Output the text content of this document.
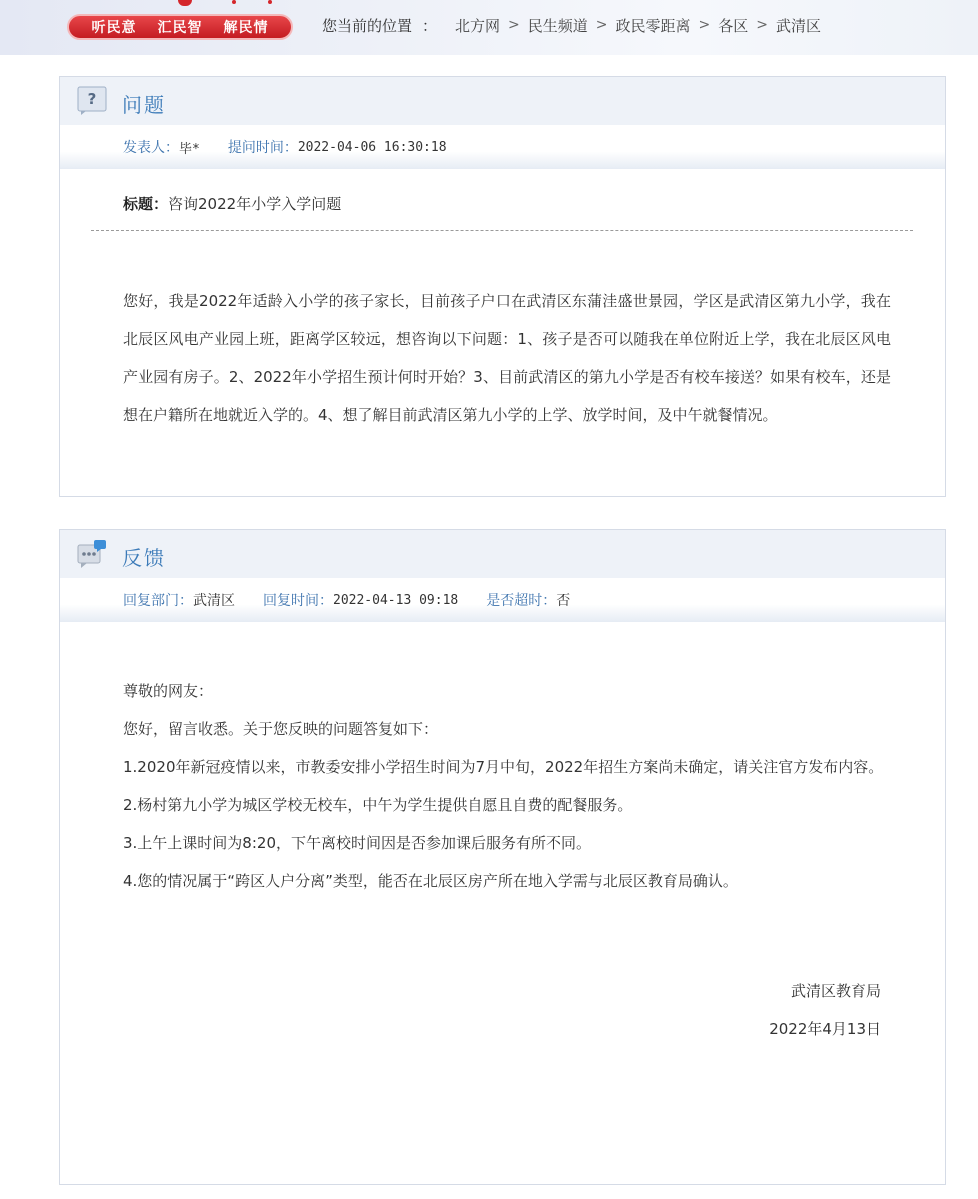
听民意 汇民智 解民情	您当前的位置 ： 北方网 > 民生频道 > 政民零距离 > 各区 > 武清区
? 问题
发表人： 毕* 提问时间： 2022-04-06 16:30:18
标题：咨询2022年小学入学问题
您好，我是2022年适龄入小学的孩子家长，目前孩子户口在武清区东蒲洼盛世景园，学区是武清区第九小学，我在北辰区风电产业园上班，距离学区较远，想咨询以下问题：1、孩子是否可以随我在单位附近上学，我在北辰区风电产业园有房子。2、2022年小学招生预计何时开始？3、目前武清区的第九小学是否有校车接送？如果有校车，还是想在户籍所在地就近入学的。4、想了解目前武清区第九小学的上学、放学时间，及中午就餐情况。
反馈
回复部门： 武清区 回复时间： 2022-04-13 09:18 是否超时： 否

尊敬的网友：

您好，留言收悉。关于您反映的问题答复如下：

1.2020年新冠疫情以来，市教委安排小学招生时间为7月中旬，2022年招生方案尚未确定，请关注官方发布内容。

2.杨村第九小学为城区学校无校车，中午为学生提供自愿且自费的配餐服务。

3.上午上课时间为8:20，下午离校时间因是否参加课后服务有所不同。

4.您的情况属于“跨区人户分离”类型，能否在北辰区房产所在地入学需与北辰区教育局确认。

武清区教育局
2022年4月13日
